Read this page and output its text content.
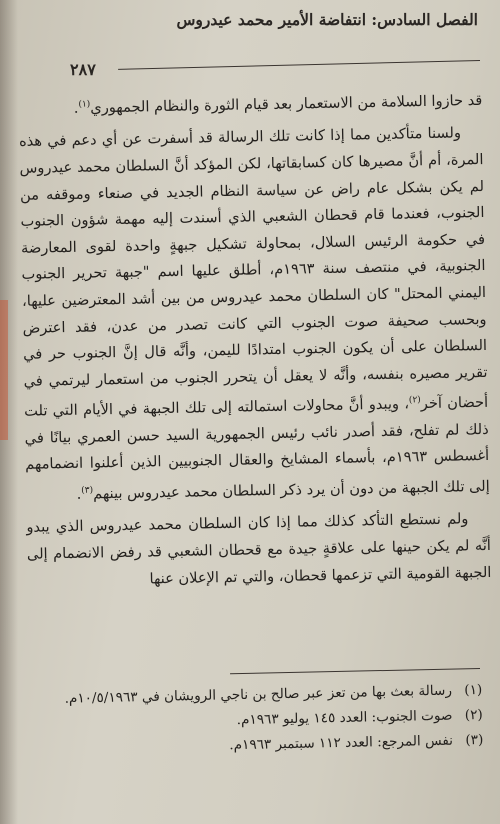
الفصل السادس: انتفاضة الأمير محمد عيدروس
٢٨٧

قد حازوا السلامة من الاستعمار بعد قيام الثورة والنظام الجمهوري$^{(١)}$.

ولسنا متأكدين مما إذا كانت تلك الرسالة قد أسفرت عن أي دعم في هذه المرة، أم أنَّ مصيرها كان كسابقاتها، لكن المؤكد أنَّ السلطان محمد عيدروس لم يكن بشكل عام راض عن سياسة النظام الجديد في صنعاء وموقفه من الجنوب، فعندما قام قحطان الشعبي الذي أسندت إليه مهمة شؤون الجنوب في حكومة الرئيس السلال، بمحاولة تشكيل جبهةٍ واحدة لقوى المعارضة الجنوبية، في منتصف سنة ١٩٦٣م، أطلق عليها اسم "جبهة تحرير الجنوب اليمني المحتل" كان السلطان محمد عيدروس من بين أشد المعترضين عليها، وبحسب صحيفة صوت الجنوب التي كانت تصدر من عدن، فقد اعترض السلطان على أن يكون الجنوب امتدادًا لليمن، وأنَّه قال إنَّ الجنوب حر في تقرير مصيره بنفسه، وأنَّه لا يعقل أن يتحرر الجنوب من استعمار ليرتمي في أحضان آخر$^{(٢)}$، ويبدو أنَّ محاولات استمالته إلى تلك الجبهة في الأيام التي تلت ذلك لم تفلح، فقد أصدر نائب رئيس الجمهورية السيد حسن العمري بيانًا في أغسطس ١٩٦٣م، بأسماء المشايخ والعقال الجنوبيين الذين أعلنوا انضمامهم إلى تلك الجبهة من دون أن يرد ذكر السلطان محمد عيدروس بينهم$^{(٣)}$.

ولم نستطع التأكد كذلك مما إذا كان السلطان محمد عيدروس الذي يبدو أنَّه لم يكن حينها على علاقةٍ جيدة مع قحطان الشعبي قد رفض الانضمام إلى الجبهة القومية التي تزعمها قحطان، والتي تم الإعلان عنها

(١) رسالة بعث بها من تعز عبر صالح بن ناجي الرويشان في ١٠/٥/١٩٦٣م.
(٢) صوت الجنوب: العدد ١٤٥ يوليو ١٩٦٣م.
(٣) نفس المرجع: العدد ١١٢ سبتمبر ١٩٦٣م.
